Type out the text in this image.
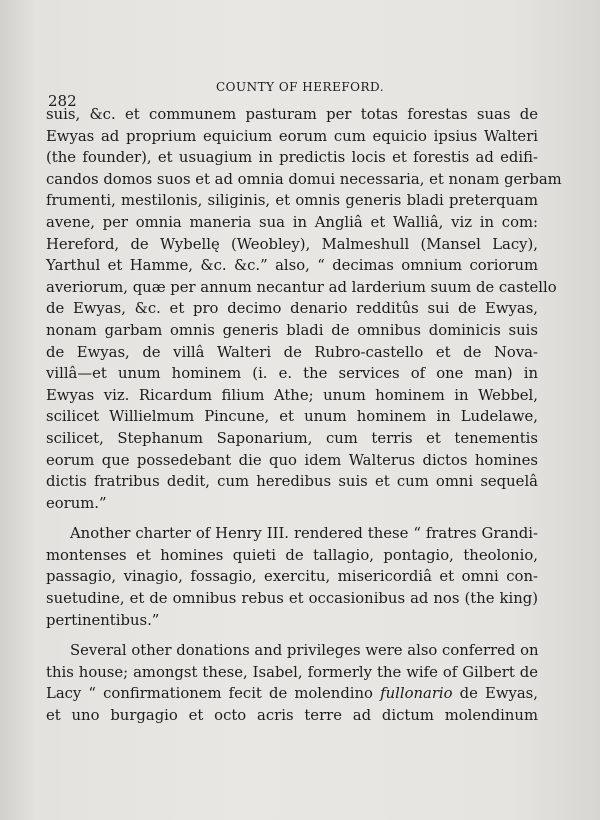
282
COUNTY OF HEREFORD.
suis, &c. et communem pasturam per totas forestas suas de
Ewyas ad proprium equicium eorum cum equicio ipsius Walteri
(the founder), et usuagium in predictis locis et forestis ad edifi-
candos domos suos et ad omnia domui necessaria, et nonam gerbam
frumenti, mestilonis, siliginis, et omnis generis bladi preterquam
avene, per omnia maneria sua in Angliâ et Walliâ, viz in com:
Hereford, de Wybellę (Weobley), Malmeshull (Mansel Lacy),
Yarthul et Hamme, &c. &c.” also, “ decimas omnium coriorum
averiorum, quæ per annum necantur ad larderium suum de castello
de Ewyas, &c. et pro decimo denario redditûs sui de Ewyas,
nonam garbam omnis generis bladi de omnibus dominicis suis
de Ewyas, de villâ Walteri de Rubro-castello et de Nova-
villâ—et unum hominem (i. e. the services of one man) in
Ewyas viz. Ricardum filium Athe; unum hominem in Webbel,
scilicet Willielmum Pincune, et unum hominem in Ludelawe,
scilicet, Stephanum Saponarium, cum terris et tenementis
eorum que possedebant die quo idem Walterus dictos homines
dictis fratribus dedit, cum heredibus suis et cum omni sequelâ
eorum.”
Another charter of Henry III. rendered these “ fratres Grandi-
montenses et homines quieti de tallagio, pontagio, theolonio,
passagio, vinagio, fossagio, exercitu, misericordiâ et omni con-
suetudine, et de omnibus rebus et occasionibus ad nos (the king)
pertinentibus.”
Several other donations and privileges were also conferred on
this house; amongst these, Isabel, formerly the wife of Gilbert de
Lacy “ confirmationem fecit de molendino fullonario de Ewyas,
et uno burgagio et octo acris terre ad dictum molendinum
